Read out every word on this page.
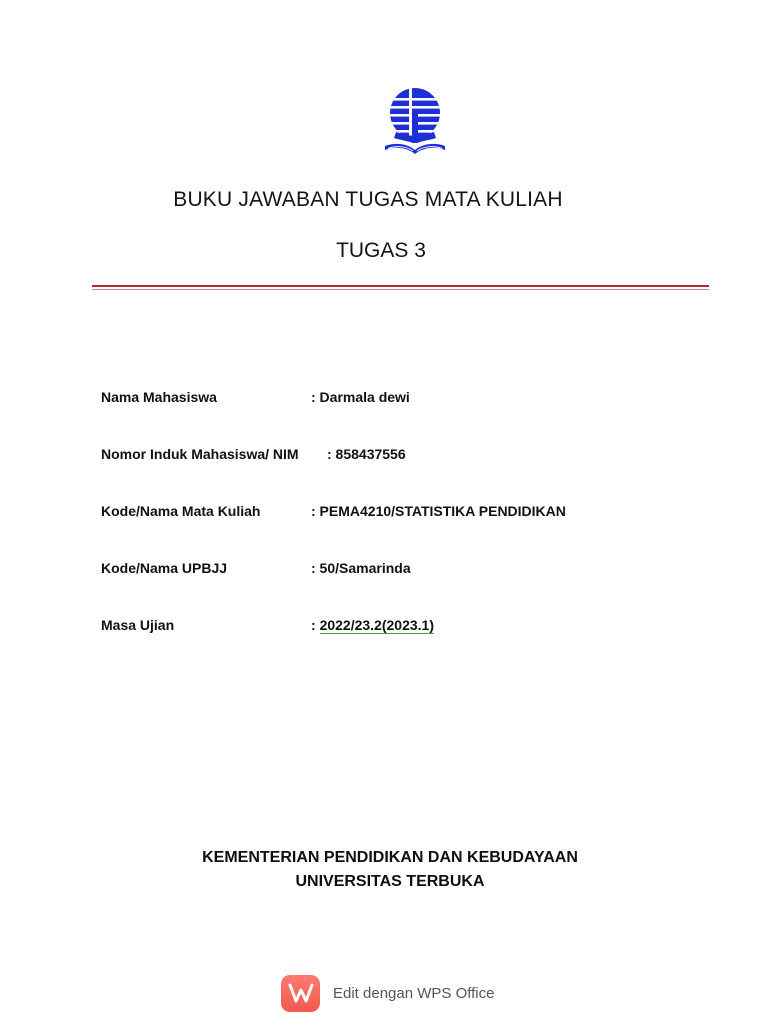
BUKU JAWABAN TUGAS MATA KULIAH
TUGAS 3
Nama Mahasiswa	: Darmala dewi
Nomor Induk Mahasiswa/ NIM : 858437556
Kode/Nama Mata Kuliah	: PEMA4210/STATISTIKA PENDIDIKAN
Kode/Nama UPBJJ	: 50/Samarinda
Masa Ujian	: 2022/23.2(2023.1)
KEMENTERIAN PENDIDIKAN DAN KEBUDAYAAN
UNIVERSITAS TERBUKA
Edit dengan WPS Office
